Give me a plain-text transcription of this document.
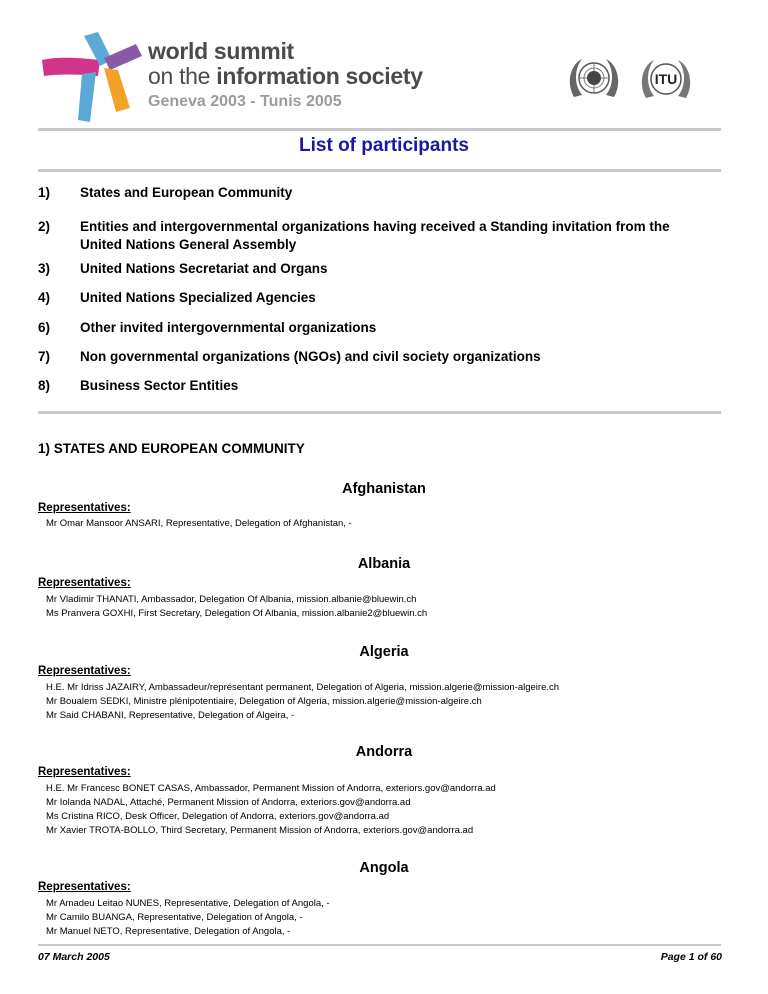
world summit
on the information society
Geneva 2003 - Tunis 2005
ITU
List of participants
1) States and European Community
2) Entities and intergovernmental organizations having received a Standing invitation from the United Nations General Assembly
3) United Nations Secretariat and Organs
4) United Nations Specialized Agencies
6) Other invited intergovernmental organizations
7) Non governmental organizations (NGOs) and civil society organizations
8) Business Sector Entities
1) STATES AND EUROPEAN COMMUNITY
Afghanistan
Representatives:
Mr Omar Mansoor ANSARI, Representative, Delegation of Afghanistan, -
Albania
Representatives:
Mr Vladimir THANATI, Ambassador, Delegation Of Albania, mission.albanie@bluewin.ch
Ms Pranvera GOXHI, First Secretary, Delegation Of Albania, mission.albanie2@bluewin.ch
Algeria
Representatives:
H.E. Mr Idriss JAZAIRY, Ambassadeur/représentant permanent, Delegation of Algeria, mission.algerie@mission-algeire.ch
Mr Boualem SEDKI, Ministre plénipotentiaire, Delegation of Algeria, mission.algerie@mission-algeire.ch
Mr Said CHABANI, Representative, Delegation of Algeira, -
Andorra
Representatives:
H.E. Mr Francesc BONET CASAS, Ambassador, Permanent Mission of Andorra, exteriors.gov@andorra.ad
Mr Iolanda NADAL, Attaché, Permanent Mission of Andorra, exteriors.gov@andorra.ad
Ms Cristina RICO, Desk Officer, Delegation of Andorra, exteriors.gov@andorra.ad
Mr Xavier TROTA-BOLLO, Third Secretary, Permanent Mission of Andorra, exteriors.gov@andorra.ad
Angola
Representatives:
Mr Amadeu Leitao NUNES, Representative, Delegation of Angola, -
Mr Camilo BUANGA, Representative, Delegation of Angola, -
Mr Manuel NETO, Representative, Delegation of Angola, -
07 March 2005	Page 1 of 60
